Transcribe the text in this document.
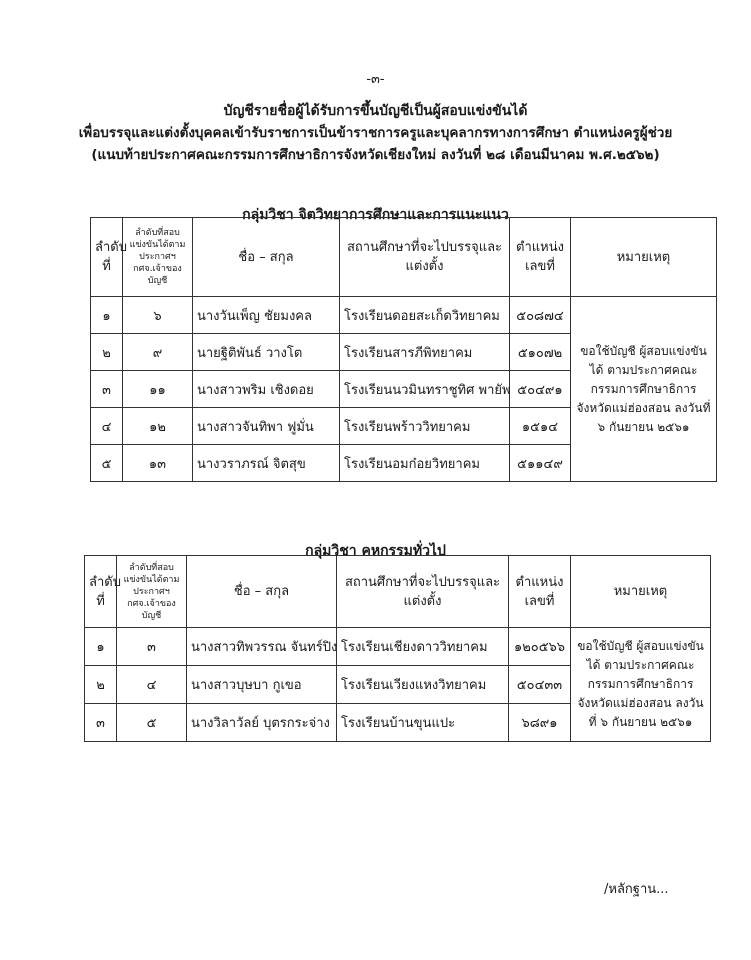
-๓-
บัญชีรายชื่อผู้ได้รับการขึ้นบัญชีเป็นผู้สอบแข่งขันได้
เพื่อบรรจุและแต่งตั้งบุคคลเข้ารับราชการเป็นข้าราชการครูและบุคลากรทางการศึกษา ตำแหน่งครูผู้ช่วย
(แนบท้ายประกาศคณะกรรมการศึกษาธิการจังหวัดเชียงใหม่ ลงวันที่ ๒๘ เดือนมีนาคม พ.ศ.๒๕๖๒)
กลุ่มวิชา จิตวิทยาการศึกษาและการแนะแนว
ลำดับที่	ลำดับที่สอบแข่งขันได้ตามประกาศฯ กศจ.เจ้าของบัญชี	ชื่อ – สกุล	สถานศึกษาที่จะไปบรรจุและแต่งตั้ง	ตำแหน่งเลขที่	หมายเหตุ
๑	๖	นางวันเพ็ญ ชัยมงคล	โรงเรียนดอยสะเก็ดวิทยาคม	๕๐๘๗๔	ขอใช้บัญชี ผู้สอบแข่งขันได้ ตามประกาศคณะกรรมการศึกษาธิการจังหวัดแม่ฮ่องสอน ลงวันที่ ๖ กันยายน ๒๕๖๑
๒	๙	นายฐิติพันธ์ วางโต	โรงเรียนสารภีพิทยาคม	๕๑๐๗๒	
๓	๑๑	นางสาวพริม เชิงดอย	โรงเรียนนวมินทราชูทิศ พายัพ	๕๐๔๙๑	
๔	๑๒	นางสาวจันทิพา ฟูมั่น	โรงเรียนพร้าววิทยาคม	๑๕๑๔	
๕	๑๓	นางวราภรณ์ จิตสุข	โรงเรียนอมก๋อยวิทยาคม	๕๑๑๔๙	
กลุ่มวิชา คหกรรมทั่วไป
ลำดับที่	ลำดับที่สอบแข่งขันได้ตามประกาศฯ กศจ.เจ้าของบัญชี	ชื่อ – สกุล	สถานศึกษาที่จะไปบรรจุและแต่งตั้ง	ตำแหน่งเลขที่	หมายเหตุ
๑	๓	นางสาวทิพวรรณ จันทร์ปิง	โรงเรียนเชียงดาววิทยาคม	๑๒๐๕๖๖	ขอใช้บัญชี ผู้สอบแข่งขันได้ ตามประกาศคณะกรรมการศึกษาธิการจังหวัดแม่ฮ่องสอน ลงวันที่ ๖ กันยายน ๒๕๖๑
๒	๔	นางสาวบุษบา กูเขอ	โรงเรียนเวียงแหงวิทยาคม	๕๐๔๓๓	
๓	๕	นางวิลาวัลย์ บุตรกระจ่าง	โรงเรียนบ้านขุนแปะ	๖๘๙๑	
/หลักฐาน...
